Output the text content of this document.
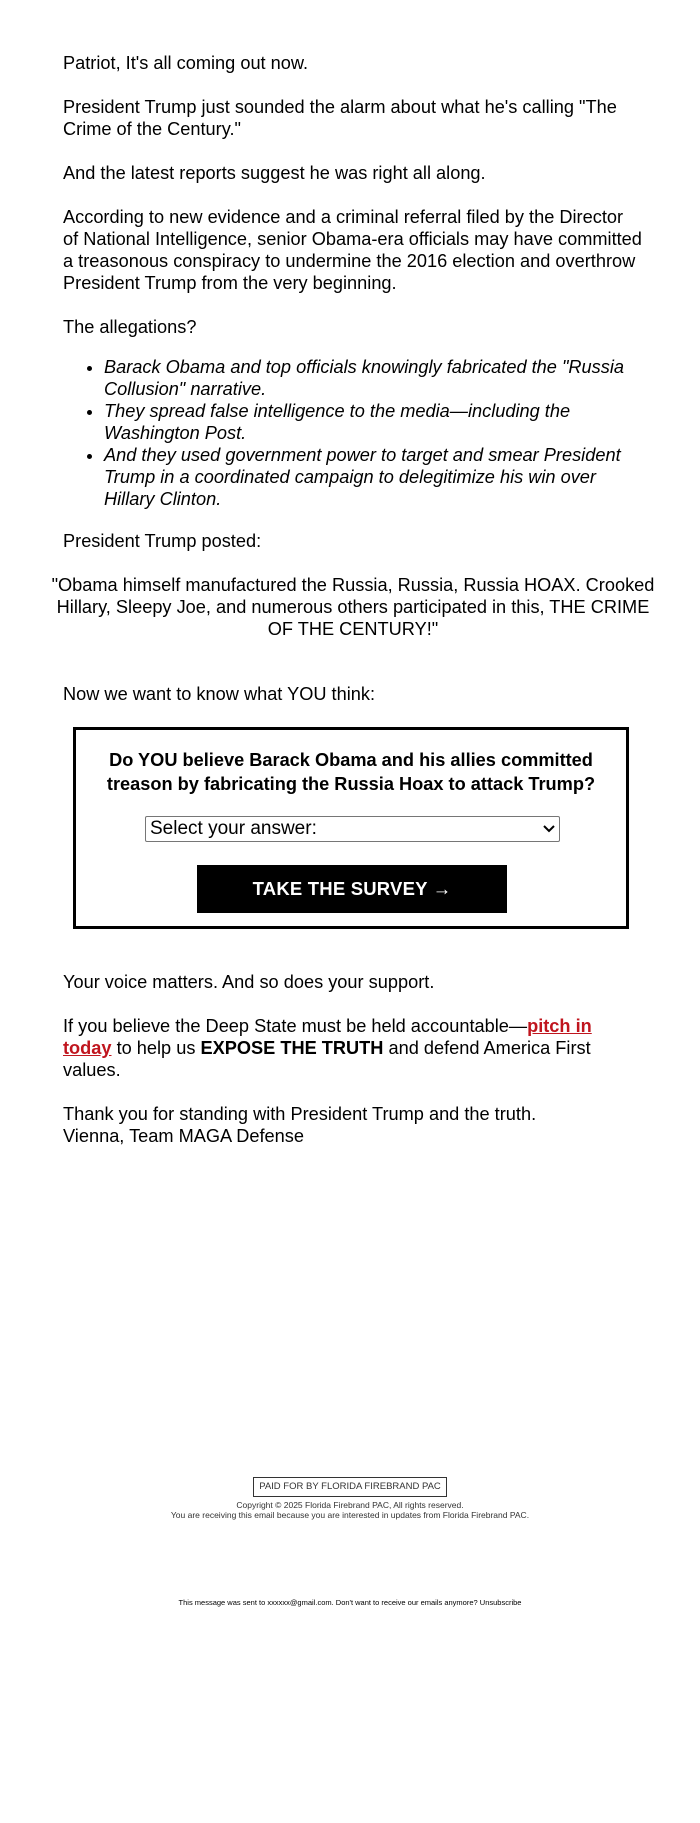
Patriot, It's all coming out now.

President Trump just sounded the alarm about what he's calling "The Crime of the Century."

And the latest reports suggest he was right all along.

According to new evidence and a criminal referral filed by the Director of National Intelligence, senior Obama-era officials may have committed a treasonous conspiracy to undermine the 2016 election and overthrow President Trump from the very beginning.

The allegations?

• Barack Obama and top officials knowingly fabricated the "Russia Collusion" narrative.
• They spread false intelligence to the media—including the Washington Post.
• And they used government power to target and smear President Trump in a coordinated campaign to delegitimize his win over Hillary Clinton.

President Trump posted:

"Obama himself manufactured the Russia, Russia, Russia HOAX. Crooked Hillary, Sleepy Joe, and numerous others participated in this, THE CRIME OF THE CENTURY!"

Now we want to know what YOU think:

Your voice matters. And so does your support.

If you believe the Deep State must be held accountable—pitch in today to help us EXPOSE THE TRUTH and defend America First values.

Thank you for standing with President Trump and the truth.
Vienna, Team MAGA Defense

Do YOU believe Barack Obama and his allies committed treason by fabricating the Russia Hoax to attack Trump?

Select your answer:
TAKE THE SURVEY →
PAID FOR BY FLORIDA FIREBRAND PAC
Copyright © 2025 Florida Firebrand PAC, All rights reserved.
You are receiving this email because you are interested in updates from Florida Firebrand PAC.
This message was sent to xxxxxx@gmail.com. Don't want to receive our emails anymore? Unsubscribe
